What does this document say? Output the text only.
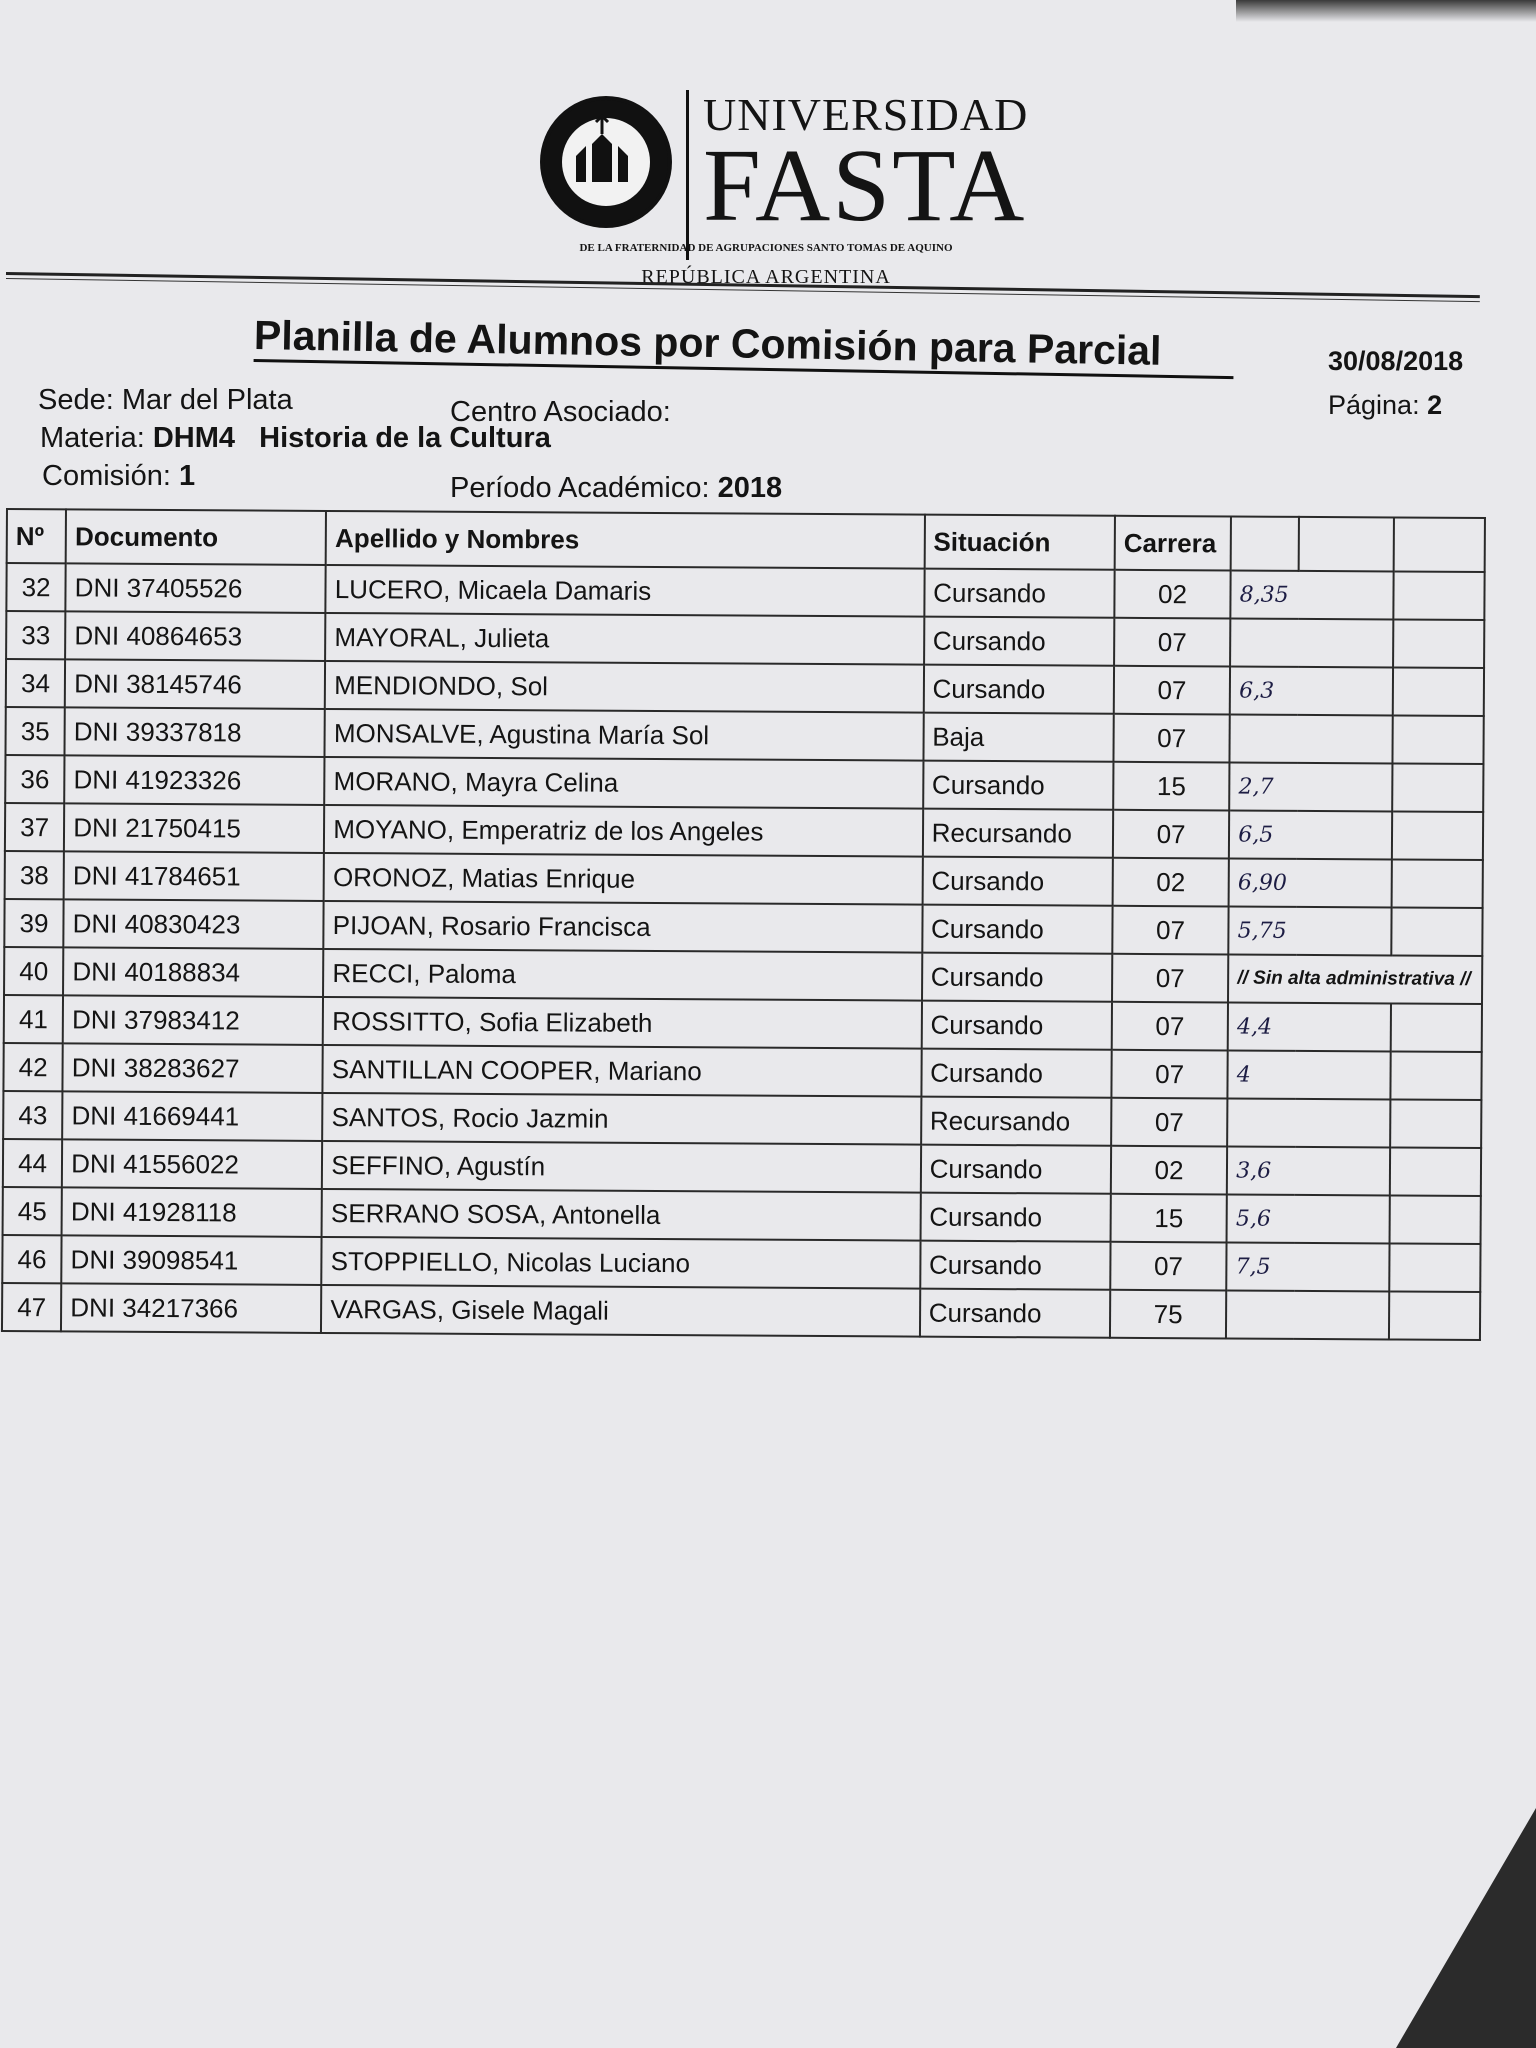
UNIVERSIDAD
FASTA
DE LA FRATERNIDAD DE AGRUPACIONES SANTO TOMAS DE AQUINO
REPÚBLICA ARGENTINA
Planilla de Alumnos por Comisión para Parcial	30/08/2018
Página: 2
Sede: Mar del Plata	Centro Asociado:
Materia: DHM4 Historia de la Cultura
Comisión: 1	Período Académico: 2018
Nº	Documento	Apellido y Nombres	Situación	Carrera			
32	DNI 37405526	LUCERO, Micaela Damaris	Cursando	02	8,35		
33	DNI 40864653	MAYORAL, Julieta	Cursando	07			
34	DNI 38145746	MENDIONDO, Sol	Cursando	07	6,3		
35	DNI 39337818	MONSALVE, Agustina María Sol	Baja	07			
36	DNI 41923326	MORANO, Mayra Celina	Cursando	15	2,7		
37	DNI 21750415	MOYANO, Emperatriz de los Angeles	Recursando	07	6,5		
38	DNI 41784651	ORONOZ, Matias Enrique	Cursando	02	6,90		
39	DNI 40830423	PIJOAN, Rosario Francisca	Cursando	07	5,75		
40	DNI 40188834	RECCI, Paloma	Cursando	07	// Sin alta administrativa //		
41	DNI 37983412	ROSSITTO, Sofia Elizabeth	Cursando	07	4,4		
42	DNI 38283627	SANTILLAN COOPER, Mariano	Cursando	07	4		
43	DNI 41669441	SANTOS, Rocio Jazmin	Recursando	07			
44	DNI 41556022	SEFFINO, Agustín	Cursando	02	3,6		
45	DNI 41928118	SERRANO SOSA, Antonella	Cursando	15	5,6		
46	DNI 39098541	STOPPIELLO, Nicolas Luciano	Cursando	07	7,5		
47	DNI 34217366	VARGAS, Gisele Magali	Cursando	75			
